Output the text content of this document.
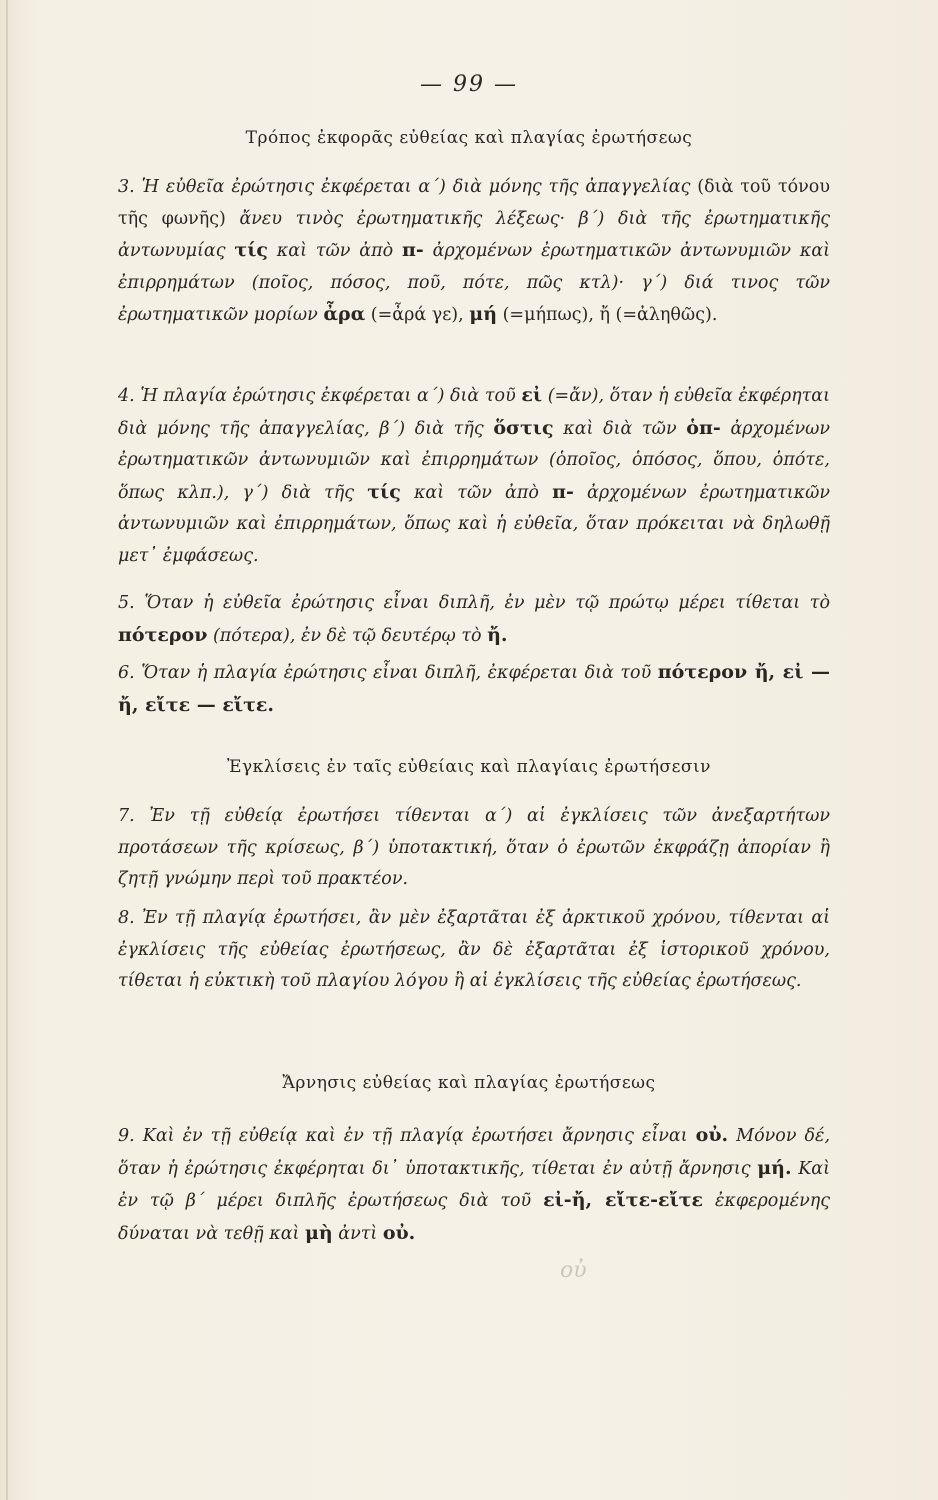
— 99 —
Τρόπος ἐκφορᾶς εὐθείας καὶ πλαγίας ἐρωτήσεως

3. Ἡ εὐθεῖα ἐρώτησις ἐκφέρεται α΄) διὰ μόνης τῆς ἀπαγγελίας (διὰ τοῦ τόνου τῆς φωνῆς) ἄνευ τινὸς ἐρωτηματικῆς λέξεως· β΄) διὰ τῆς ἐρωτηματικῆς ἀντωνυμίας τίς καὶ τῶν ἀπὸ π- ἀρχομένων ἐρωτηματικῶν ἀντωνυμιῶν καὶ ἐπιρρημάτων (ποῖος, πόσος, ποῦ, πότε, πῶς κτλ)· γ΄) διά τινος τῶν ἐρωτηματικῶν μορίων ἆρα (=ἆρά γε), μή (=μήπως), ἤ (=ἀληθῶς).

4. Ἡ πλαγία ἐρώτησις ἐκφέρεται α΄) διὰ τοῦ εἰ (=ἄν), ὅταν ἡ εὐθεῖα ἐκφέρηται διὰ μόνης τῆς ἀπαγγελίας, β΄) διὰ τῆς ὅστις καὶ διὰ τῶν ὁπ- ἀρχομένων ἐρωτηματικῶν ἀντωνυμιῶν καὶ ἐπιρρημάτων (ὁποῖος, ὁπόσος, ὅπου, ὁπότε, ὅπως κλπ.), γ΄) διὰ τῆς τίς καὶ τῶν ἀπὸ π- ἀρχομένων ἐρωτηματικῶν ἀντωνυμιῶν καὶ ἐπιρρημάτων, ὅπως καὶ ἡ εὐθεῖα, ὅταν πρόκειται νὰ δηλωθῇ μετ᾽ ἐμφάσεως.

5. Ὅταν ἡ εὐθεῖα ἐρώτησις εἶναι διπλῆ, ἐν μὲν τῷ πρώτῳ μέρει τίθεται τὸ πότερον (πότερα), ἐν δὲ τῷ δευτέρῳ τὸ ἤ.

6. Ὅταν ἡ πλαγία ἐρώτησις εἶναι διπλῆ, ἐκφέρεται διὰ τοῦ πότερον ἤ, εἰ — ἤ, εἴτε — εἴτε.

Ἐγκλίσεις ἐν ταῖς εὐθείαις καὶ πλαγίαις ἐρωτήσεσιν

7. Ἐν τῇ εὐθείᾳ ἐρωτήσει τίθενται α΄) αἱ ἐγκλίσεις τῶν ἀνεξαρτήτων προτάσεων τῆς κρίσεως, β΄) ὑποτακτική, ὅταν ὁ ἐρωτῶν ἐκφράζῃ ἀπορίαν ἢ ζητῇ γνώμην περὶ τοῦ πρακτέον.

8. Ἐν τῇ πλαγίᾳ ἐρωτήσει, ἂν μὲν ἐξαρτᾶται ἐξ ἀρκτικοῦ χρόνου, τίθενται αἱ ἐγκλίσεις τῆς εὐθείας ἐρωτήσεως, ἂν δὲ ἐξαρτᾶται ἐξ ἱστορικοῦ χρόνου, τίθεται ἡ εὐκτικὴ τοῦ πλαγίου λόγου ἢ αἱ ἐγκλίσεις τῆς εὐθείας ἐρωτήσεως.

Ἄρνησις εὐθείας καὶ πλαγίας ἐρωτήσεως

9. Καὶ ἐν τῇ εὐθείᾳ καὶ ἐν τῇ πλαγίᾳ ἐρωτήσει ἄρνησις εἶναι οὐ. Μόνον δέ, ὅταν ἡ ἐρώτησις ἐκφέρηται δι᾽ ὑποτακτικῆς, τίθεται ἐν αὐτῇ ἄρνησις μή. Καὶ ἐν τῷ β΄ μέρει διπλῆς ἐρωτήσεως διὰ τοῦ εἰ-ἤ, εἴτε-εἴτε ἐκφερομένης δύναται νὰ τεθῇ καὶ μὴ ἀντὶ οὐ.

οὐ
